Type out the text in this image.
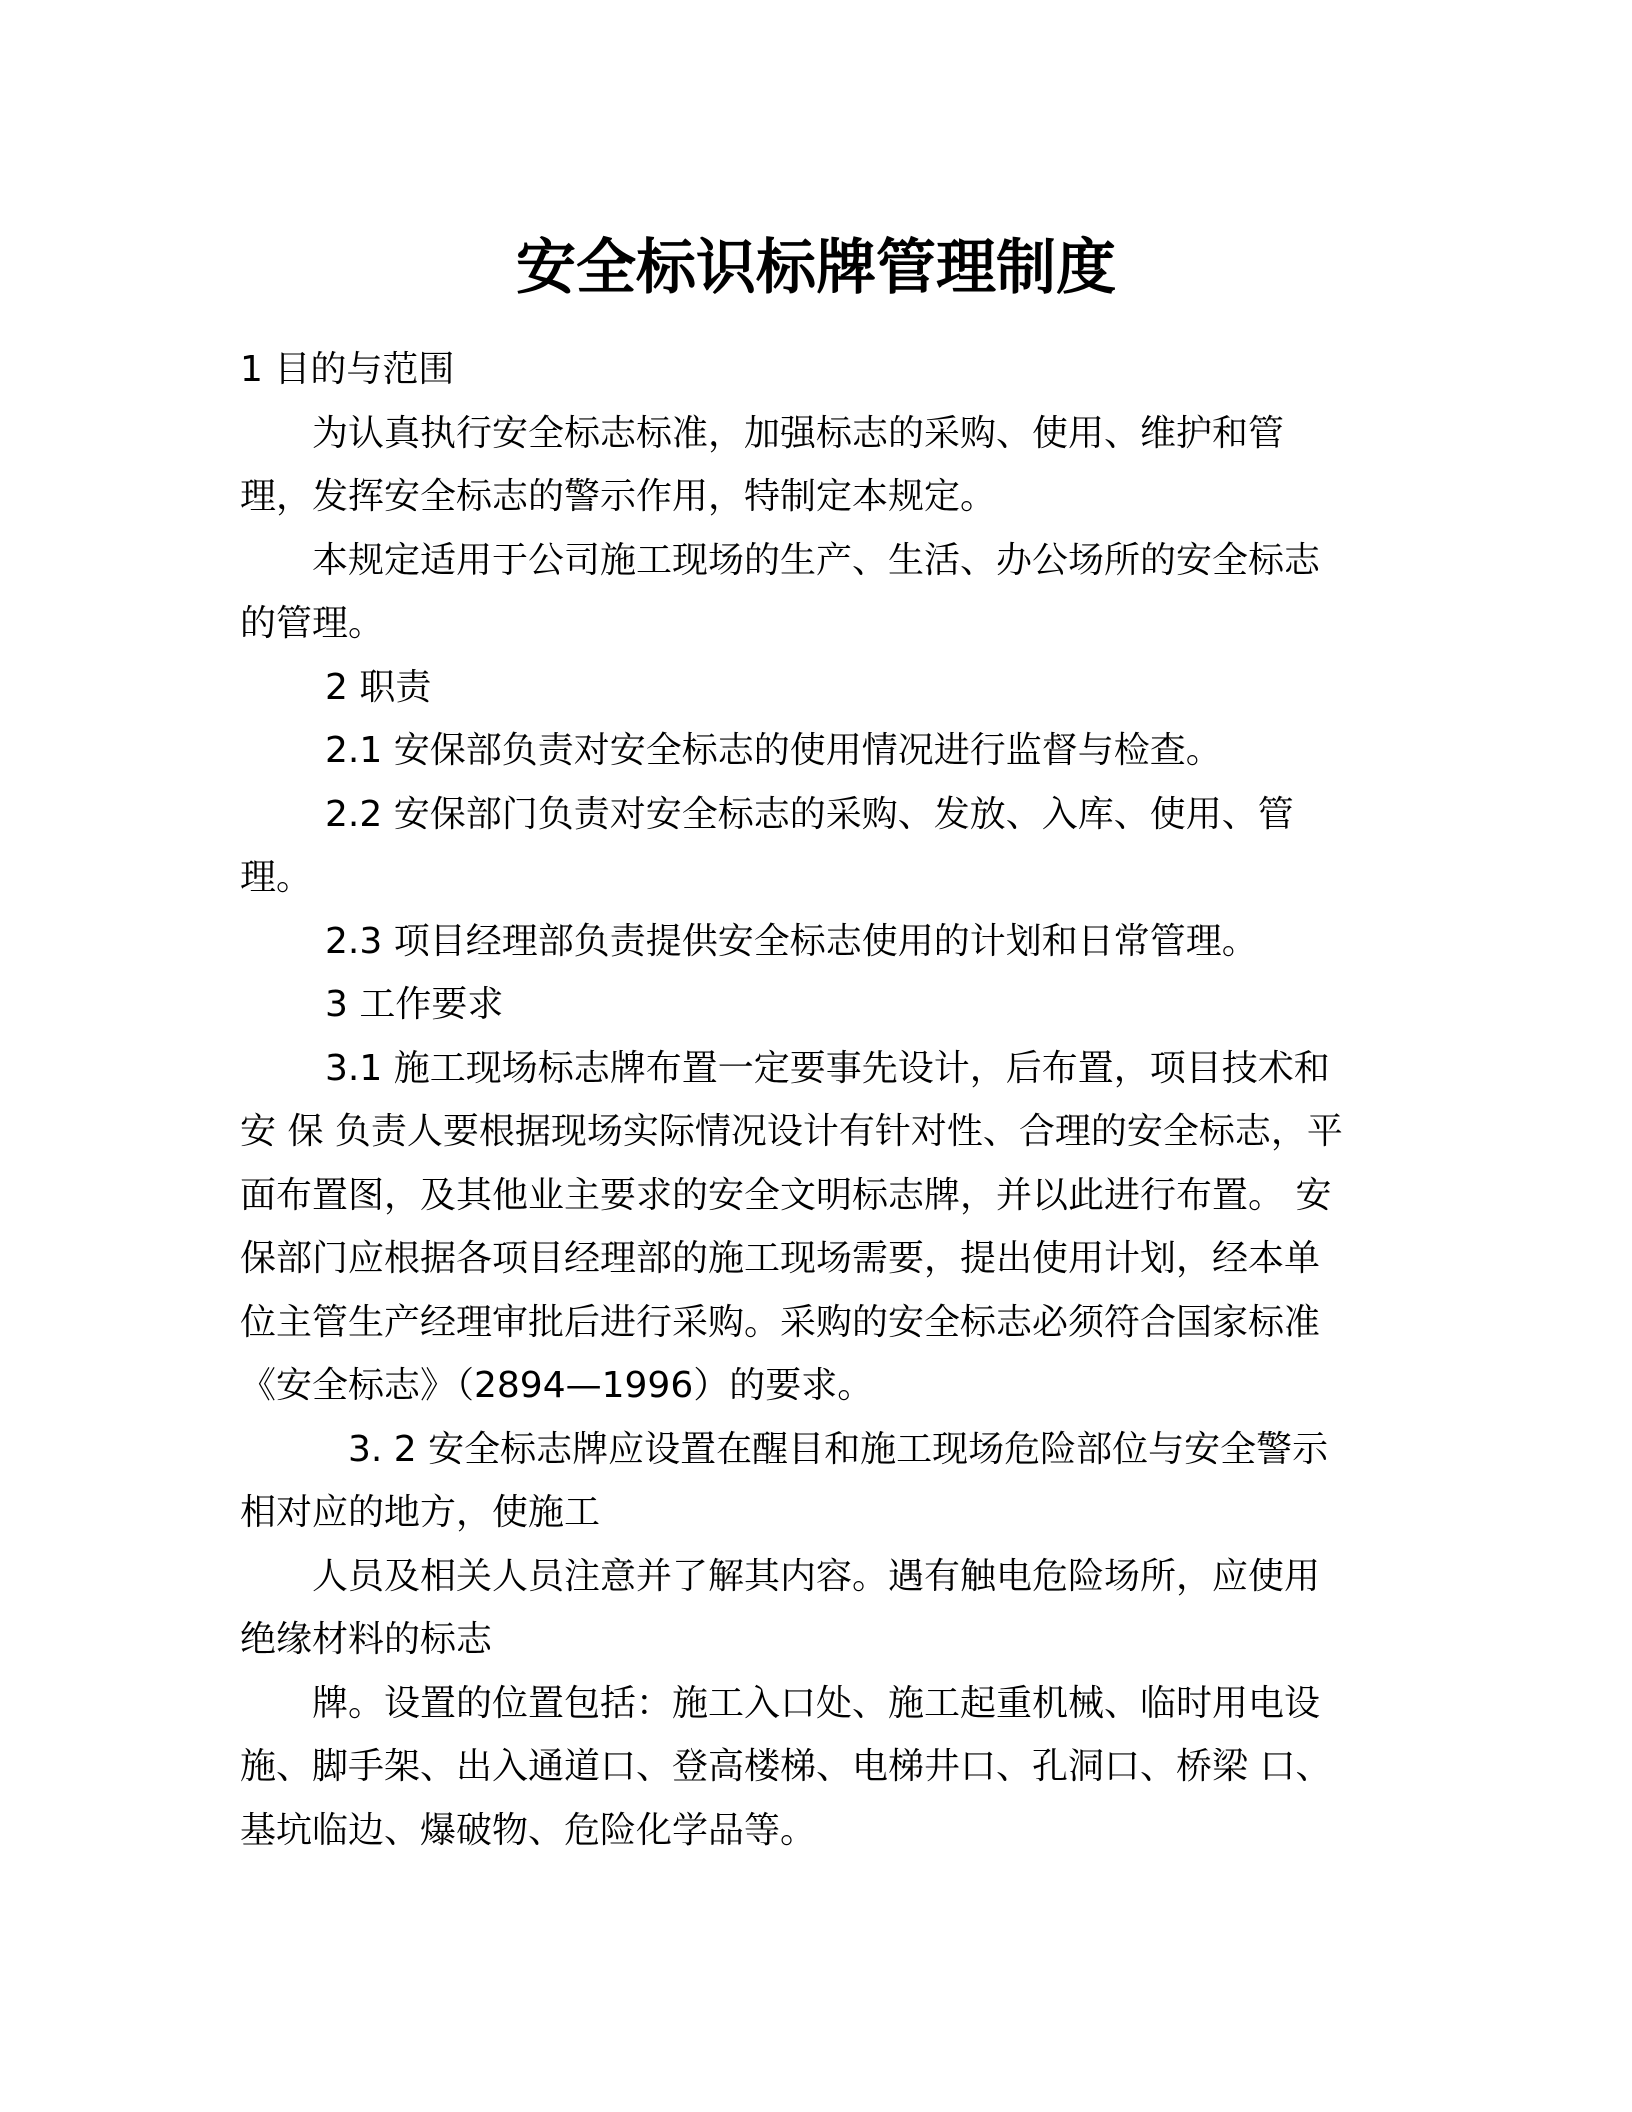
安全标识标牌管理制度

1 目的与范围

为认真执行安全标志标准，加强标志的采购、使用、维护和管

理，发挥安全标志的警示作用，特制定本规定。

本规定适用于公司施工现场的生产、生活、办公场所的安全标志

的管理。

2 职责

2.1 安保部负责对安全标志的使用情况进行监督与检查。

2.2 安保部门负责对安全标志的采购、发放、入库、使用、管

理。

2.3 项目经理部负责提供安全标志使用的计划和日常管理。

3 工作要求

3.1 施工现场标志牌布置一定要事先设计，后布置，项目技术和

安 保 负责人要根据现场实际情况设计有针对性、合理的安全标志，平

面布置图，及其他业主要求的安全文明标志牌，并以此进行布置。 安

保部门应根据各项目经理部的施工现场需要，提出使用计划，经本单

位主管生产经理审批后进行采购。采购的安全标志必须符合国家标准

《安全标志》（2894—1996）的要求。

3. 2 安全标志牌应设置在醒目和施工现场危险部位与安全警示

相对应的地方，使施工

人员及相关人员注意并了解其内容。遇有触电危险场所，应使用

绝缘材料的标志

牌。设置的位置包括：施工入口处、施工起重机械、临时用电设

施、脚手架、出入通道口、登高楼梯、电梯井口、孔洞口、桥梁 口、

基坑临边、爆破物、危险化学品等。
